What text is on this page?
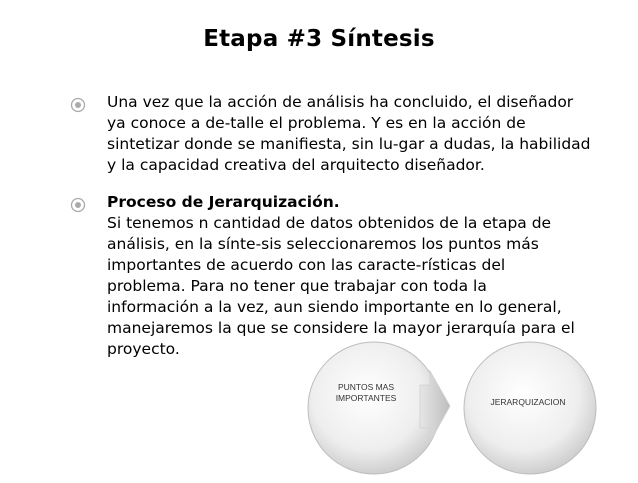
Etapa #3 Síntesis
Una vez que la acción de análisis ha concluido, el diseñador
ya conoce a de-talle el problema. Y es en la acción de
sintetizar donde se manifiesta, sin lu-gar a dudas, la habilidad
y la capacidad creativa del arquitecto diseñador.
Proceso de Jerarquización.
Si tenemos n cantidad de datos obtenidos de la etapa de
análisis, en la sínte-sis seleccionaremos los puntos más
importantes de acuerdo con las caracte-rísticas del
problema. Para no tener que trabajar con toda la
información a la vez, aun siendo importante en lo general,
manejaremos la que se considere la mayor jerarquía para el
proyecto.
PUNTOS MAS
IMPORTANTES	JERARQUIZACION
